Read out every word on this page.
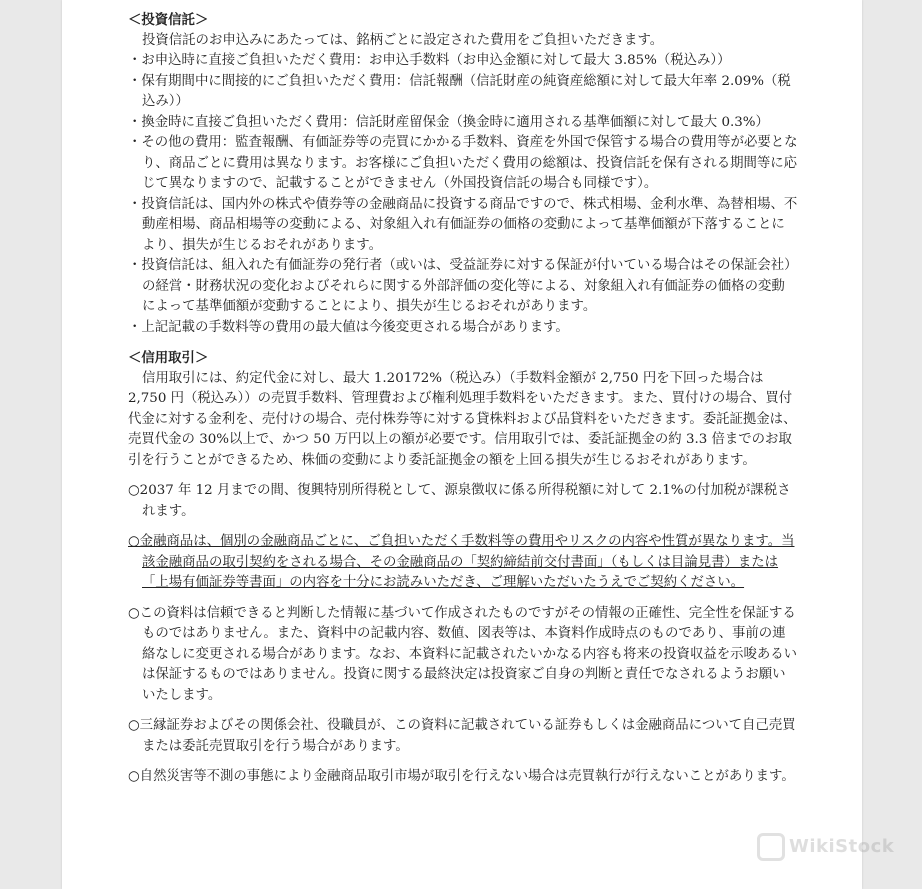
＜投資信託＞

投資信託のお申込みにあたっては、銘柄ごとに設定された費用をご負担いただきます。

・お申込時に直接ご負担いただく費用：お申込手数料（お申込金額に対して最大 3.85%（税込み））

・保有期間中に間接的にご負担いただく費用：信託報酬（信託財産の純資産総額に対して最大年率 2.09%（税込み））

・換金時に直接ご負担いただく費用：信託財産留保金（換金時に適用される基準価額に対して最大 0.3%）

・その他の費用：監査報酬、有価証券等の売買にかかる手数料、資産を外国で保管する場合の費用等が必要となり、商品ごとに費用は異なります。お客様にご負担いただく費用の総額は、投資信託を保有される期間等に応じて異なりますので、記載することができません（外国投資信託の場合も同様です）。

・投資信託は、国内外の株式や債券等の金融商品に投資する商品ですので、株式相場、金利水準、為替相場、不動産相場、商品相場等の変動による、対象組入れ有価証券の価格の変動によって基準価額が下落することにより、損失が生じるおそれがあります。

・投資信託は、組入れた有価証券の発行者（或いは、受益証券に対する保証が付いている場合はその保証会社）の経営・財務状況の変化およびそれらに関する外部評価の変化等による、対象組入れ有価証券の価格の変動によって基準価額が変動することにより、損失が生じるおそれがあります。

・上記記載の手数料等の費用の最大値は今後変更される場合があります。

＜信用取引＞

信用取引には、約定代金に対し、最大 1.20172%（税込み）（手数料金額が 2,750 円を下回った場合は 2,750 円（税込み））の売買手数料、管理費および権利処理手数料をいただきます。また、買付けの場合、買付代金に対する金利を、売付けの場合、売付株券等に対する貸株料および品貸料をいただきます。委託証拠金は、売買代金の 30%以上で、かつ 50 万円以上の額が必要です。信用取引では、委託証拠金の約 3.3 倍までのお取引を行うことができるため、株価の変動により委託証拠金の額を上回る損失が生じるおそれがあります。

○2037 年 12 月までの間、復興特別所得税として、源泉徴収に係る所得税額に対して 2.1%の付加税が課税されます。

○金融商品は、個別の金融商品ごとに、ご負担いただく手数料等の費用やリスクの内容や性質が異なります。当該金融商品の取引契約をされる場合、その金融商品の「契約締結前交付書面」（もしくは目論見書）または「上場有価証券等書面」の内容を十分にお読みいただき、ご理解いただいたうえでご契約ください。

○この資料は信頼できると判断した情報に基づいて作成されたものですがその情報の正確性、完全性を保証するものではありません。また、資料中の記載内容、数値、図表等は、本資料作成時点のものであり、事前の連絡なしに変更される場合があります。なお、本資料に記載されたいかなる内容も将来の投資収益を示唆あるいは保証するものではありません。投資に関する最終決定は投資家ご自身の判断と責任でなされるようお願いいたします。

○三縁証券およびその関係会社、役職員が、この資料に記載されている証券もしくは金融商品について自己売買または委託売買取引を行う場合があります。

○自然災害等不測の事態により金融商品取引市場が取引を行えない場合は売買執行が行えないことがあります。

WikiStock
